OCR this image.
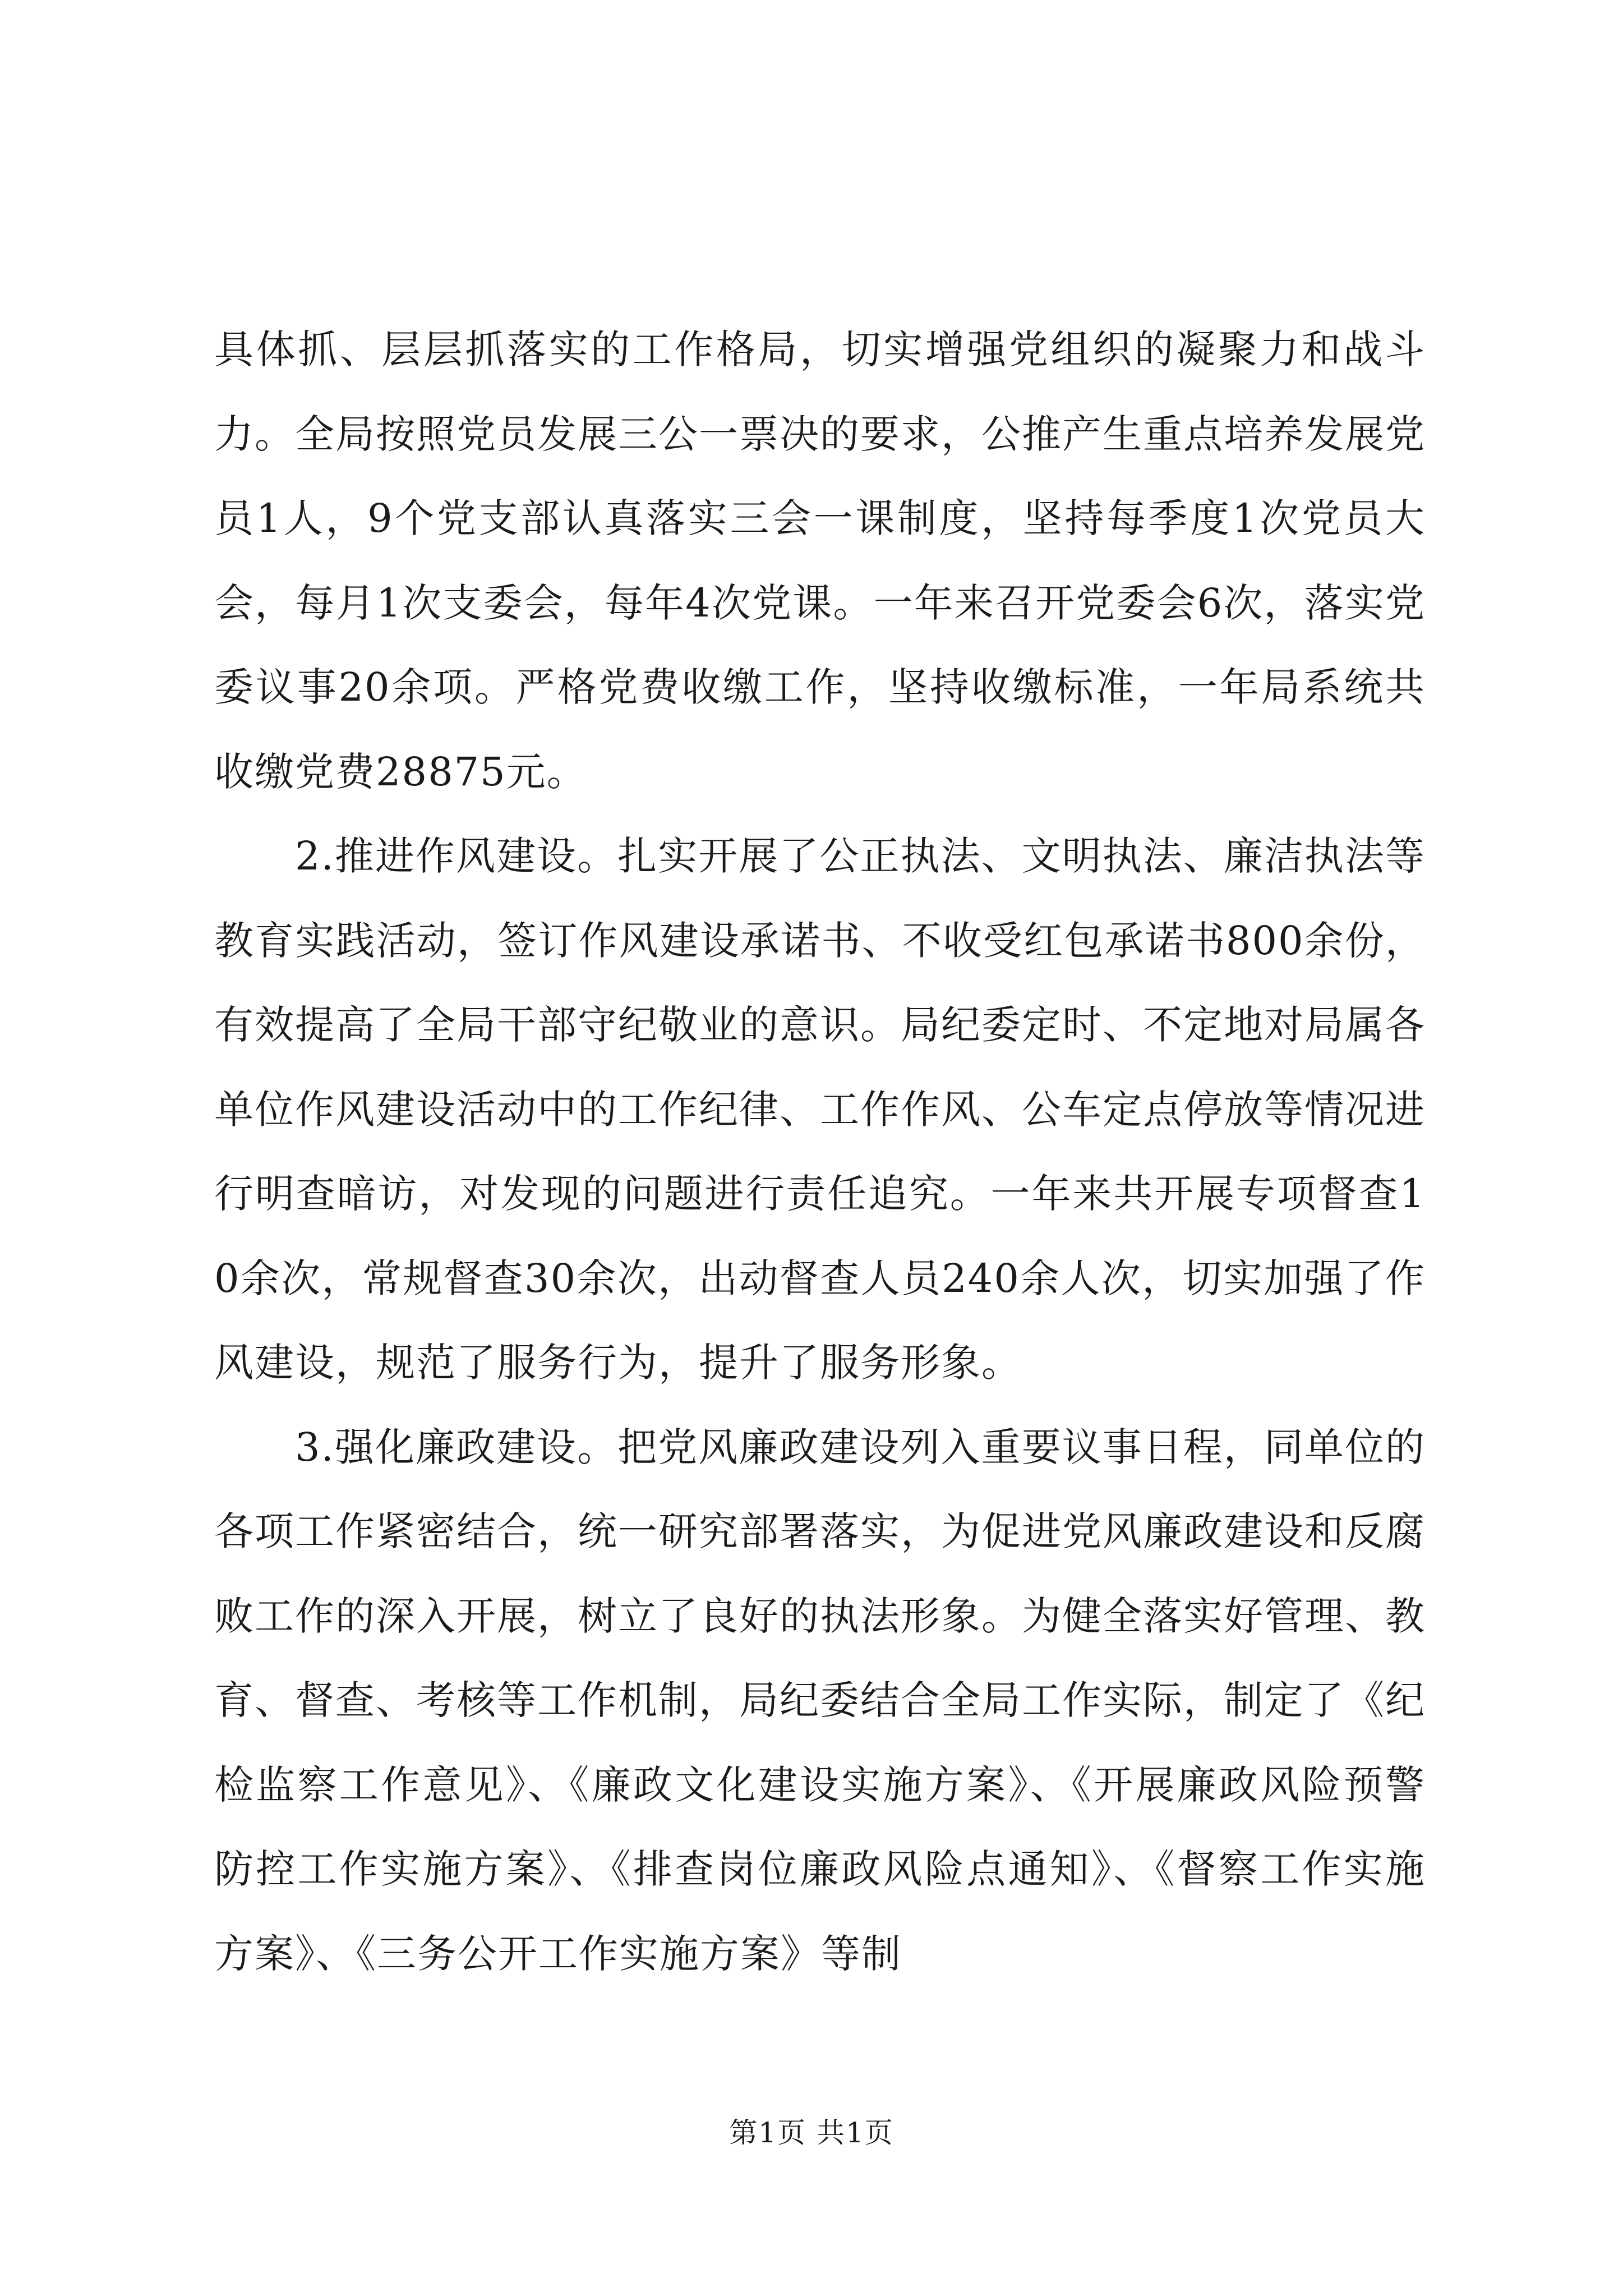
具体抓、层层抓落实的工作格局，切实增强党组织的凝聚力和战斗力。全局按照党员发展三公一票决的要求，公推产生重点培养发展党员1人，9个党支部认真落实三会一课制度，坚持每季度1次党员大会，每月1次支委会，每年4次党课。一年来召开党委会6次，落实党委议事20余项。严格党费收缴工作，坚持收缴标准，一年局系统共收缴党费28875元。

2.推进作风建设。扎实开展了公正执法、文明执法、廉洁执法等教育实践活动，签订作风建设承诺书、不收受红包承诺书800余份，有效提高了全局干部守纪敬业的意识。局纪委定时、不定地对局属各单位作风建设活动中的工作纪律、工作作风、公车定点停放等情况进行明查暗访，对发现的问题进行责任追究。一年来共开展专项督查10余次，常规督查30余次，出动督查人员240余人次，切实加强了作风建设，规范了服务行为，提升了服务形象。

3.强化廉政建设。把党风廉政建设列入重要议事日程，同单位的各项工作紧密结合，统一研究部署落实，为促进党风廉政建设和反腐败工作的深入开展，树立了良好的执法形象。为健全落实好管理、教育、督查、考核等工作机制，局纪委结合全局工作实际，制定了《纪检监察工作意见》、《廉政文化建设实施方案》、《开展廉政风险预警防控工作实施方案》、《排查岗位廉政风险点通知》、《督察工作实施方案》、《三务公开工作实施方案》等制

第1页 共1页
